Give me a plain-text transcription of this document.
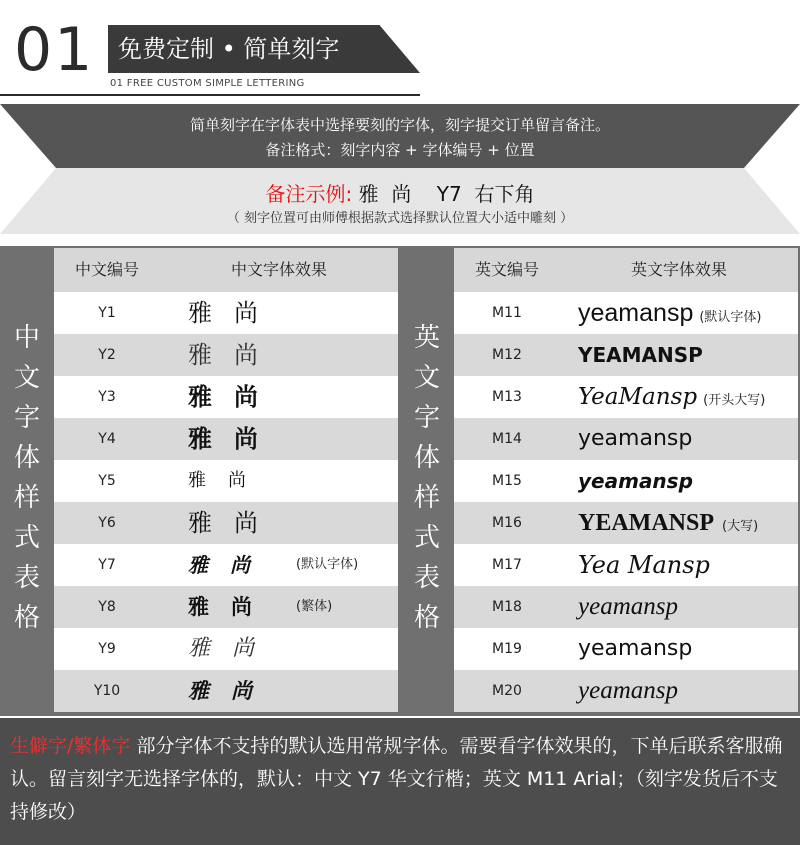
01 免费定制 • 简单刻字
01 FREE CUSTOM SIMPLE LETTERING
简单刻字在字体表中选择要刻的字体，刻字提交订单留言备注。
备注格式：刻字内容 + 字体编号 + 位置
备注示例: 雅  尚    Y7  右下角
（ 刻字位置可由师傅根据款式选择默认位置大小适中雕刻 ）
中
文
字
体
样
式
表
格
中文编号	中文字体效果
Y1	雅尚
Y2	雅尚
Y3	雅尚
Y4	雅尚
Y5	雅尚
Y6	雅尚
Y7	雅尚 (默认字体)
Y8	雅尚 (繁体)
Y9	雅尚
Y10	雅尚
英
文
字
体
样
式
表
格
英文编号	英文字体效果
M11	yeamansp (默认字体)
M12	YEAMANSP
M13	YeaMansp (开头大写)
M14	yeamansp
M15	yeamansp
M16	YEAMANSP (大写)
M17	Yea Mansp
M18	yeamansp
M19	yeamansp
M20	yeamansp
生僻字/繁体字 部分字体不支持的默认选用常规字体。需要看字体效果的，下单后联系客服确认。留言刻字无选择字体的，默认：中文 Y7 华文行楷；英文 M11 Arial；（刻字发货后不支持修改）
